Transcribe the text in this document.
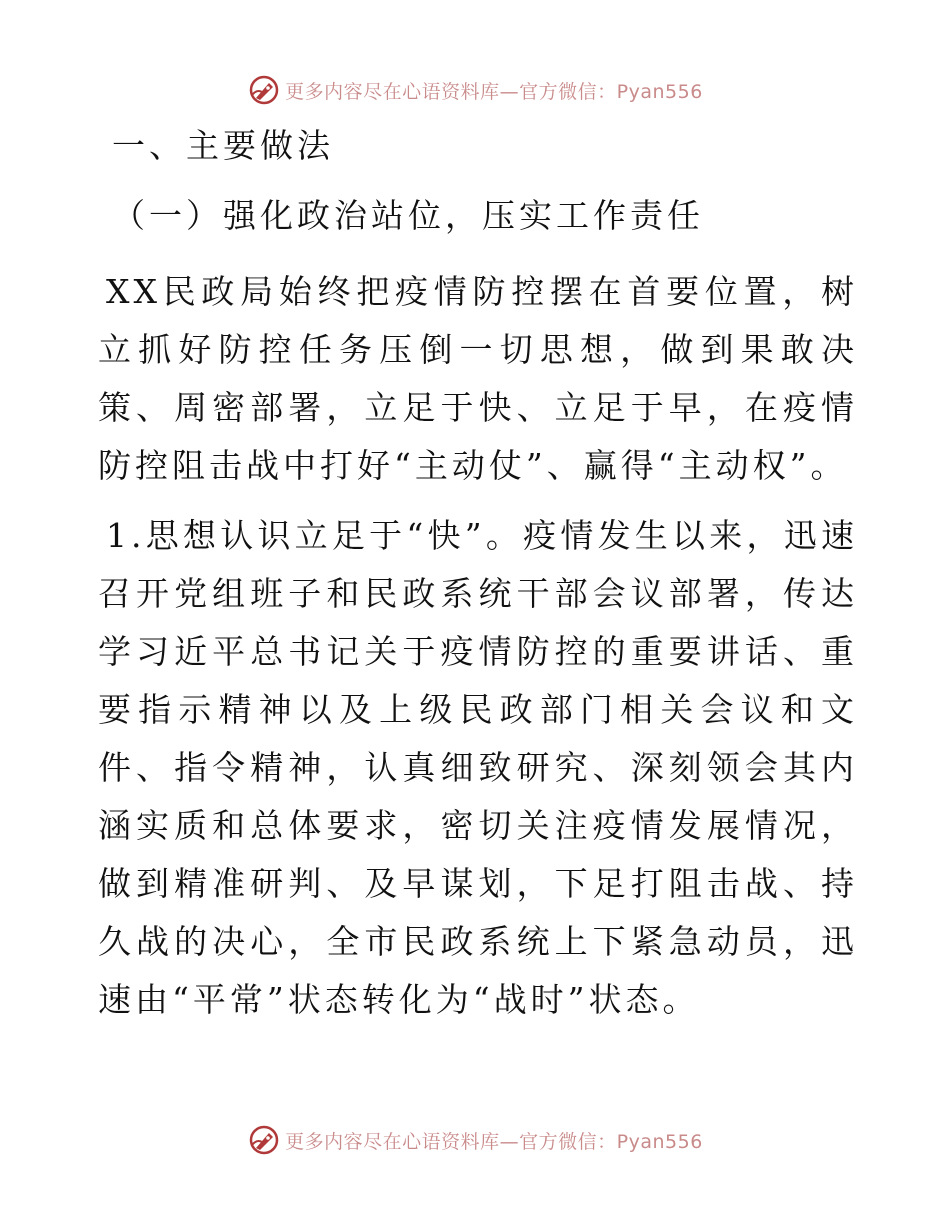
更多内容尽在心语资料库—官方微信：Pyan556
一、主要做法
（一）强化政治站位，压实工作责任

XX民政局始终把疫情防控摆在首要位置，树立抓好防控任务压倒一切思想，做到果敢决策、周密部署，立足于快、立足于早，在疫情防控阻击战中打好“主动仗”、赢得“主动权”。

1.思想认识立足于“快”。疫情发生以来，迅速召开党组班子和民政系统干部会议部署，传达学习近平总书记关于疫情防控的重要讲话、重要指示精神以及上级民政部门相关会议和文件、指令精神，认真细致研究、深刻领会其内涵实质和总体要求，密切关注疫情发展情况，做到精准研判、及早谋划，下足打阻击战、持久战的决心，全市民政系统上下紧急动员，迅速由“平常”状态转化为“战时”状态。

更多内容尽在心语资料库—官方微信：Pyan556
